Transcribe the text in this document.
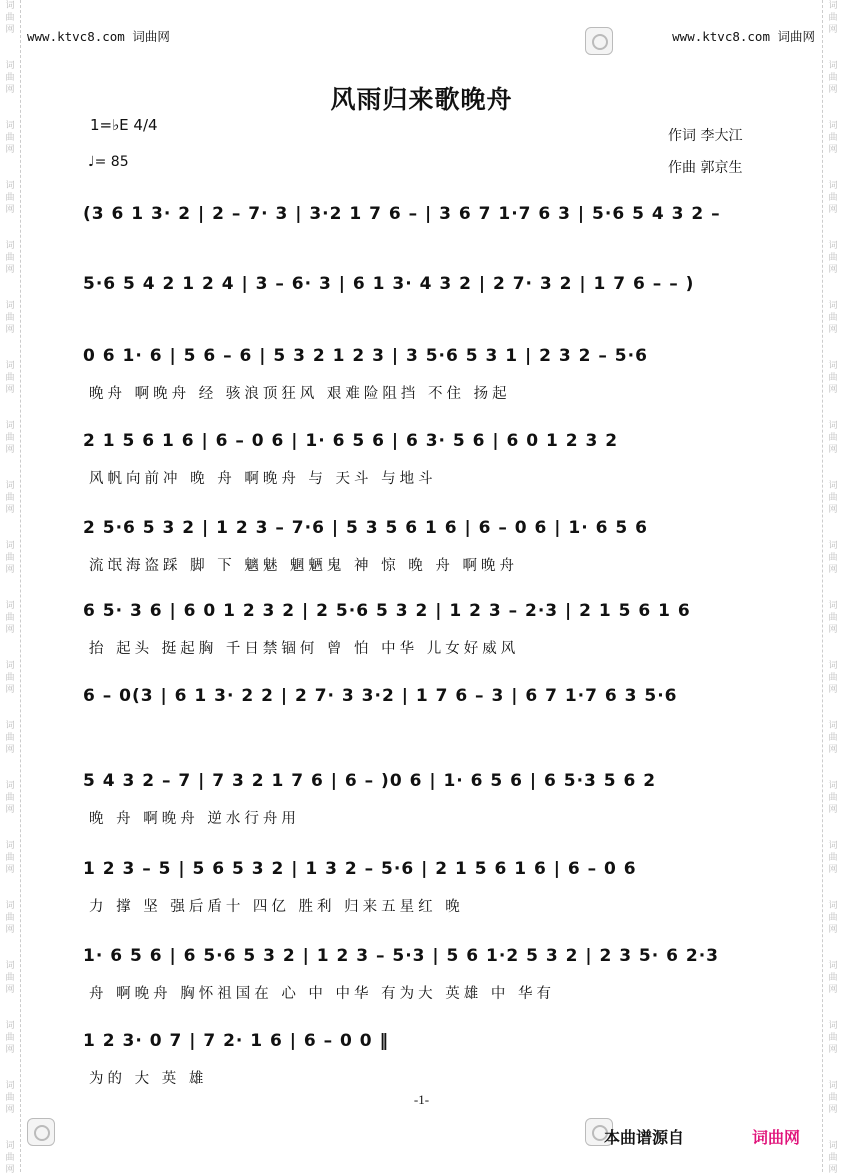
词曲网
词曲网
词曲网
词曲网
词曲网
词曲网
词曲网
词曲网
词曲网
词曲网
词曲网
词曲网
词曲网
词曲网
词曲网
词曲网
词曲网
词曲网
词曲网
词曲网
词曲网
词曲网
词曲网
词曲网
词曲网
词曲网
词曲网
词曲网
词曲网
词曲网
词曲网
词曲网
词曲网
词曲网
词曲网
词曲网
词曲网
词曲网
词曲网
词曲网
www.ktvc8.com 词曲网	www.ktvc8.com 词曲网
风雨归来歌晚舟
1=♭E 4/4
♩= 85
作词 李大江
作曲 郭京生
(3 6 1 3· 2 | 2 – 7· 3 | 3·2 1 7 6 – | 3 6 7 1·7 6 3 | 5·6 5 4 3 2 –
5·6 5 4 2 1 2 4 | 3 – 6· 3 | 6 1 3· 4 3 2 | 2 7· 3 2 | 1 7 6 – – )
0 6 1· 6 | 5 6 – 6 | 5 3 2 1 2 3 | 3 5·6 5 3 1 | 2 3 2 – 5·6
晚舟 啊晚舟 经 骇浪顶狂风 艰难险阻挡 不住 扬起
2 1 5 6 1 6 | 6 – 0 6 | 1· 6 5 6 | 6 3· 5 6 | 6 0 1 2 3 2
风帆向前冲 晚 舟 啊晚舟 与 天斗 与地斗
2 5·6 5 3 2 | 1 2 3 – 7·6 | 5 3 5 6 1 6 | 6 – 0 6 | 1· 6 5 6
流氓海盗踩 脚 下 魑魅 魍魉鬼 神 惊 晚 舟 啊晚舟
6 5· 3 6 | 6 0 1 2 3 2 | 2 5·6 5 3 2 | 1 2 3 – 2·3 | 2 1 5 6 1 6
抬 起头 挺起胸 千日禁锢何 曾 怕 中华 儿女好威风
6 – 0(3 | 6 1 3· 2 2 | 2 7· 3 3·2 | 1 7 6 – 3 | 6 7 1·7 6 3 5·6
5 4 3 2 – 7 | 7 3 2 1 7 6 | 6 – )0 6 | 1· 6 5 6 | 6 5·3 5 6 2
晚 舟 啊晚舟 逆水行舟用
1 2 3 – 5 | 5 6 5 3 2 | 1 3 2 – 5·6 | 2 1 5 6 1 6 | 6 – 0 6
力 撑 坚 强后盾十 四亿 胜利 归来五星红 晚
1· 6 5 6 | 6 5·6 5 3 2 | 1 2 3 – 5·3 | 5 6 1·2 5 3 2 | 2 3 5· 6 2·3
舟 啊晚舟 胸怀祖国在 心 中 中华 有为大 英雄 中 华有
1 2 3· 0 7 | 7 2· 1 6 | 6 – 0 0 ‖
为的 大 英 雄
-1-
本曲谱源自	词曲网
